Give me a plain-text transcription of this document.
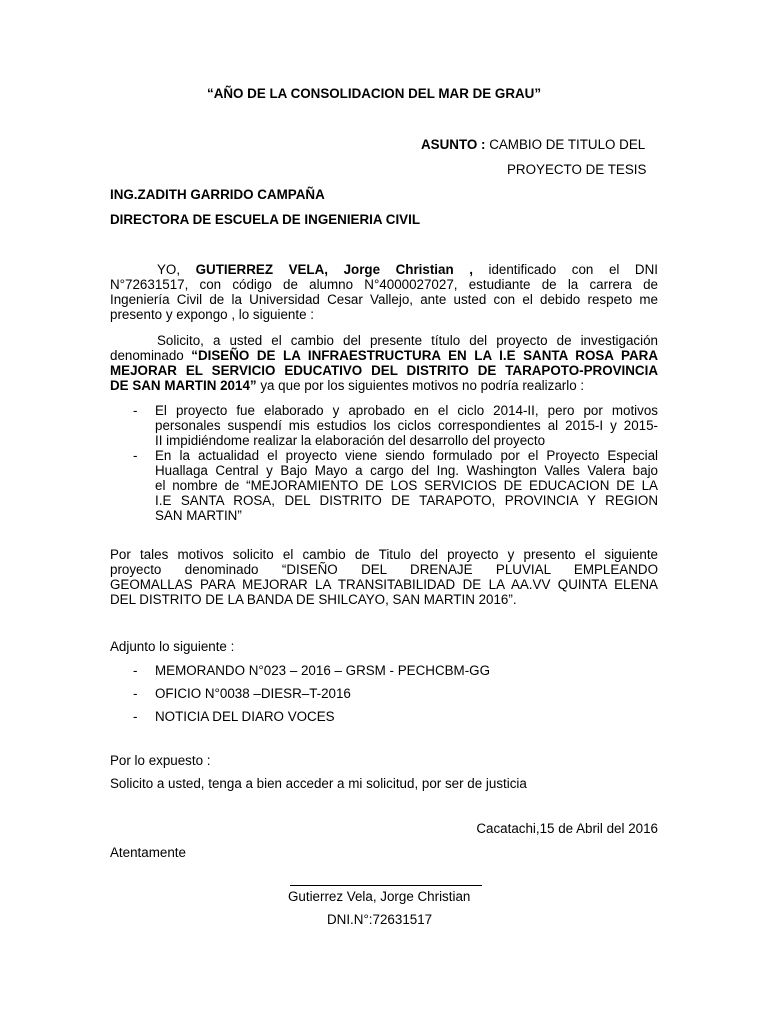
“AÑO DE LA CONSOLIDACION DEL MAR DE GRAU”
ASUNTO : CAMBIO DE TITULO DEL
PROYECTO DE TESIS
ING.ZADITH GARRIDO CAMPAÑA
DIRECTORA DE ESCUELA DE INGENIERIA CIVIL
YO, GUTIERREZ VELA, Jorge Christian , identificado con el DNI
N°72631517, con código de alumno N°4000027027, estudiante de la carrera de
Ingeniería Civil de la Universidad Cesar Vallejo, ante usted con el debido respeto me
presento y expongo , lo siguiente :
Solicito, a usted el cambio del presente título del proyecto de investigación
denominado “DISEÑO DE LA INFRAESTRUCTURA EN LA I.E SANTA ROSA PARA
MEJORAR EL SERVICIO EDUCATIVO DEL DISTRITO DE TARAPOTO-PROVINCIA
DE SAN MARTIN 2014” ya que por los siguientes motivos no podría realizarlo :
- El proyecto fue elaborado y aprobado en el ciclo 2014-II, pero por motivos
personales suspendí mis estudios los ciclos correspondientes al 2015-I y 2015-
II impidiéndome realizar la elaboración del desarrollo del proyecto
- En la actualidad el proyecto viene siendo formulado por el Proyecto Especial
Huallaga Central y Bajo Mayo a cargo del Ing. Washington Valles Valera bajo
el nombre de “MEJORAMIENTO DE LOS SERVICIOS DE EDUCACION DE LA
I.E SANTA ROSA, DEL DISTRITO DE TARAPOTO, PROVINCIA Y REGION
SAN MARTIN”
Por tales motivos solicito el cambio de Titulo del proyecto y presento el siguiente
proyecto denominado “DISEÑO DEL DRENAJE PLUVIAL EMPLEANDO
GEOMALLAS PARA MEJORAR LA TRANSITABILIDAD DE LA AA.VV QUINTA ELENA
DEL DISTRITO DE LA BANDA DE SHILCAYO, SAN MARTIN 2016”.
Adjunto lo siguiente :
- MEMORANDO N°023 – 2016 – GRSM - PECHCBM-GG
- OFICIO N°0038 –DIESR–T-2016
- NOTICIA DEL DIARO VOCES
Por lo expuesto :
Solicito a usted, tenga a bien acceder a mi solicitud, por ser de justicia
Cacatachi,15 de Abril del 2016
Atentamente
Gutierrez Vela, Jorge Christian
DNI.N°:72631517
